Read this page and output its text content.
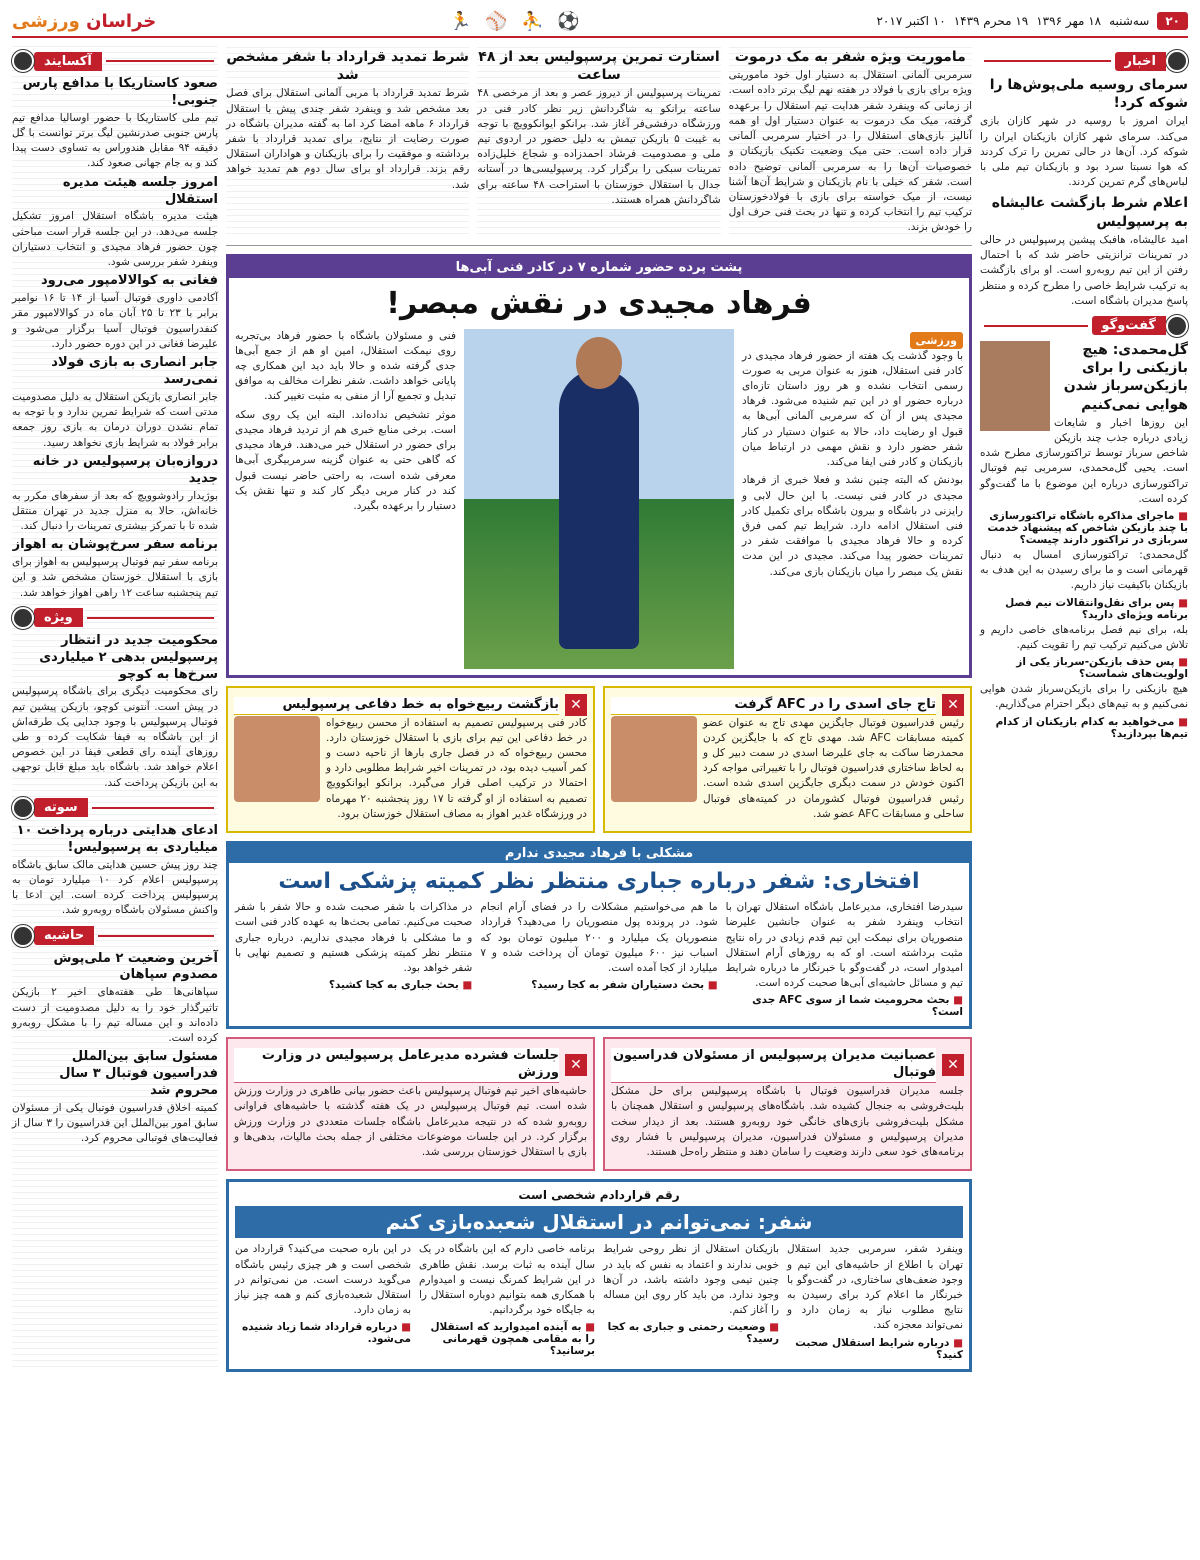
۲۰
سه‌شنبه
۱۸ مهر ۱۳۹۶
۱۹ محرم ۱۴۳۹
۱۰ اکتبر ۲۰۱۷
⚽ ⛹ ⚾ 🏃
خراسان ورزشی
اخبار
سرمای روسیه ملی‌پوش‌ها را شوکه کرد!

ایران امروز با روسیه در شهر کازان بازی می‌کند. سرمای شهر کازان بازیکنان ایران را شوکه کرد. آن‌ها در حالی تمرین را ترک کردند که هوا نسبتا سرد بود و بازیکنان تیم ملی با لباس‌های گرم تمرین کردند.

اعلام شرط بازگشت عالیشاه به پرسپولیس

امید عالیشاه، هافبک پیشین پرسپولیس در حالی در تمرینات ترانزیتی حاضر شد که با احتمال رفتن از این تیم روبه‌رو است. او برای بازگشت به ترکیب شرایط خاصی را مطرح کرده و منتظر پاسخ مدیران باشگاه است.

گفت‌وگو
گل‌محمدی: هیچ بازیکنی را برای بازیکن‌سرباز شدن هوایی نمی‌کنیم

این روزها اخبار و شایعات زیادی درباره جذب چند بازیکن شاخص سرباز توسط تراکتورسازی مطرح شده است. یحیی گل‌محمدی، سرمربی تیم فوتبال تراکتورسازی درباره این موضوع با ما گفت‌وگو کرده است.

■ ماجرای مذاکره باشگاه تراکتورسازی با چند بازیکن شاخص که پیشنهاد خدمت سربازی در تراکتور دارند چیست؟

گل‌محمدی: تراکتورسازی امسال به دنبال قهرمانی است و ما برای رسیدن به این هدف به بازیکنان باکیفیت نیاز داریم.

■ پس برای نقل‌وانتقالات نیم فصل برنامه ویژه‌ای دارید؟

بله، برای نیم فصل برنامه‌های خاصی داریم و تلاش می‌کنیم ترکیب تیم را تقویت کنیم.

■ پس حذف بازیکن-سرباز یکی از اولویت‌های شماست؟

هیچ بازیکنی را برای بازیکن‌سرباز شدن هوایی نمی‌کنیم و به تیم‌های دیگر احترام می‌گذاریم.

■ می‌خواهید به کدام بازیکنان از کدام تیم‌ها بپردازید؟
ماموریت ویژه شفر به مک درموت

سرمربی آلمانی استقلال به دستیار اول خود ماموریتی ویژه برای بازی با فولاد در هفته نهم لیگ برتر داده است. از زمانی که وینفرد شفر هدایت تیم استقلال را برعهده گرفته، میک مک درموت به عنوان دستیار اول او همه آنالیز بازی‌های استقلال را در اختیار سرمربی آلمانی قرار داده است. حتی میک وضعیت تکنیک بازیکنان و خصوصیات آن‌ها را به سرمربی آلمانی توضیح داده است. شفر که خیلی با نام بازیکنان و شرایط آن‌ها آشنا نیست، از میک خواسته برای بازی با فولادخوزستان ترکیب تیم را انتخاب کرده و تنها در بحث فنی حرف اول را خودش بزند.

استارت تمرین پرسپولیس بعد از ۴۸ ساعت

تمرینات پرسپولیس از دیروز عصر و بعد از مرخصی ۴۸ ساعته برانکو به شاگردانش زیر نظر کادر فنی در ورزشگاه درفشی‌فر آغاز شد. برانکو ایوانکوویچ با توجه به غیبت ۵ بازیکن تیمش به دلیل حضور در اردوی تیم ملی و مصدومیت فرشاد احمدزاده و شجاع خلیل‌زاده تمرینات سبکی را برگزار کرد. پرسپولیسی‌ها در آستانه جدال با استقلال خوزستان با استراحت ۴۸ ساعته برای شاگردانش همراه هستند.

شرط تمدید قرارداد با شفر مشخص شد

شرط تمدید قرارداد با مربی آلمانی استقلال برای فصل بعد مشخص شد و وینفرد شفر چندی پیش با استقلال قرارداد ۶ ماهه امضا کرد اما به گفته مدیران باشگاه در صورت رضایت از نتایج، برای تمدید قرارداد با شفر برداشته‌ و موفقیت را برای بازیکنان و هواداران استقلال رقم بزند. قرارداد او برای سال دوم هم تمدید خواهد شد.

پشت پرده حضور شماره ۷ در کادر فنی آبی‌ها
فرهاد مجیدی در نقش مبصر!
ورزشی

با وجود گذشت یک هفته از حضور فرهاد مجیدی در کادر فنی استقلال، هنوز به عنوان مربی به صورت رسمی انتخاب نشده و هر روز داستان تازه‌ای درباره حضور او در این تیم شنیده می‌شود. فرهاد مجیدی پس از آن که سرمربی آلمانی آبی‌ها به قبول او رضایت داد، حالا به عنوان دستیار در کنار شفر حضور دارد و نقش مهمی در ارتباط میان بازیکنان و کادر فنی ایفا می‌کند.

بودنش که البته چنین نشد و فعلا خبری از فرهاد مجیدی در کادر فنی نیست. با این حال لابی و رایزنی در باشگاه و بیرون باشگاه برای تکمیل کادر فنی استقلال ادامه دارد. شرایط تیم کمی فرق کرده و حالا فرهاد مجیدی با موافقت شفر در تمرینات حضور پیدا می‌کند. مجیدی در این مدت نقش یک مبصر را میان بازیکنان بازی می‌کند.

فنی و مسئولان باشگاه با حضور فرهاد بی‌تجربه روی نیمکت استقلال، امین او هم از جمع آبی‌ها جدی گرفته شده و حالا باید دید این همکاری چه پایانی خواهد داشت. شفر نظرات مخالف به موافق تبدیل و تجمیع آرا از منفی به مثبت تغییر کند.

موثر تشخیص نداده‌اند. البته این یک روی سکه است. برخی منابع خبری هم از تردید فرهاد مجیدی برای حضور در استقلال خبر می‌دهند. فرهاد مجیدی که گاهی حتی به عنوان گزینه سرمربیگری آبی‌ها معرفی شده است، به راحتی حاضر نیست قبول کند در کنار مربی دیگر کار کند و تنها نقش یک دستیار را برعهده بگیرد.

✕
تاج جای اسدی را در AFC گرفت

رئیس فدراسیون فوتبال جایگزین مهدی تاج به عنوان عضو کمیته مسابقات AFC شد. مهدی تاج که با جایگزین کردن محمدرضا ساکت به جای علیرضا اسدی در سمت دبیر کل و به لحاظ ساختاری فدراسیون فوتبال را با تغییراتی مواجه کرد اکنون خودش در سمت دیگری جایگزین اسدی شده است. رئیس فدراسیون فوتبال کشورمان در کمیته‌های فوتبال ساحلی و مسابقات AFC عضو شد.

✕
بازگشت ربیع‌خواه به خط دفاعی پرسپولیس

کادر فنی پرسپولیس تصمیم به استفاده از محسن ربیع‌خواه در خط دفاعی این تیم برای بازی با استقلال خوزستان دارد. محسن ربیع‌خواه که در فصل جاری بارها از ناحیه دست و کمر آسیب دیده بود، در تمرینات اخیر شرایط مطلوبی دارد و احتمالا در ترکیب اصلی قرار می‌گیرد. برانکو ایوانکوویچ تصمیم به استفاده از او گرفته تا ۱۷ روز پنجشنبه ۲۰ مهرماه در ورزشگاه غدیر اهواز به مصاف استقلال خوزستان برود.

مشکلی با فرهاد مجیدی ندارم
افتخاری: شفر درباره جباری منتظر نظر کمیته پزشکی است

سیدرضا افتخاری، مدیرعامل باشگاه استقلال تهران با انتخاب وینفرد شفر به عنوان جانشین علیرضا منصوریان برای نیمکت این تیم قدم زیادی در راه نتایج مثبت برداشته است. او که به روزهای آرام استقلال امیدوار است، در گفت‌وگو با خبرنگار ما درباره شرایط تیم و مسائل حاشیه‌ای آبی‌ها صحبت کرده است.

■ بحث محرومیت شما از سوی AFC جدی است؟

ما هم می‌خواستیم مشکلات را در فضای آرام انجام شود. در پرونده پول منصوریان را می‌دهید؟ قرارداد منصوریان یک میلیارد و ۲۰۰ میلیون تومان بود که اسباب نیز ۶۰۰ میلیون تومان آن پرداخت شده و ۷ میلیارد از کجا آمده است.

■ بحث دستیاران شفر به کجا رسید؟

در مذاکرات با شفر صحبت شده و حالا شفر با شفر صحبت می‌کنیم. تمامی بحث‌ها به عهده کادر فنی است و ما مشکلی با فرهاد مجیدی نداریم. درباره جباری منتظر نظر کمیته پزشکی هستیم و تصمیم نهایی با شفر خواهد بود.

■ بحث جباری به کجا کشید؟
✕
عصبانیت مدیران پرسپولیس از مسئولان فدراسیون فوتبال

جلسه مدیران فدراسیون فوتبال با باشگاه پرسپولیس برای حل مشکل بلیت‌فروشی به جنجال کشیده شد. باشگاه‌های پرسپولیس و استقلال همچنان با مشکل بلیت‌فروشی بازی‌های خانگی خود روبه‌رو هستند. بعد از دیدار سخت مدیران پرسپولیس و مسئولان فدراسیون، مدیران پرسپولیس با فشار روی برنامه‌های خود سعی دارند وضعیت را سامان دهند و منتظر راه‌حل هستند.

✕
جلسات فشرده مدیرعامل پرسپولیس در وزارت ورزش

حاشیه‌های اخیر تیم فوتبال پرسپولیس باعث حضور بیانی طاهری در وزارت ورزش شده است. تیم فوتبال پرسپولیس در یک هفته گذشته با حاشیه‌های فراوانی روبه‌رو شده که در نتیجه مدیرعامل باشگاه جلسات متعددی در وزارت ورزش برگزار کرد. در این جلسات موضوعات مختلفی از جمله بحث مالیات، بدهی‌ها و بازی با استقلال خوزستان بررسی شد.

رقم قراردادم شخصی است
شفر: نمی‌توانم در استقلال شعبده‌بازی کنم

وینفرد شفر، سرمربی جدید استقلال تهران با اطلاع از حاشیه‌های این تیم و وجود ضعف‌های ساختاری، در گفت‌وگو با خبرنگار ما اعلام کرد برای رسیدن به نتایج مطلوب نیاز به زمان دارد و نمی‌تواند معجزه کند.

■ درباره شرایط استقلال صحبت کنید؟

بازیکنان استقلال از نظر روحی شرایط خوبی ندارند و اعتماد به نفس که باید در چنین تیمی وجود داشته باشد، در آن‌ها وجود ندارد. من باید کار روی این مساله را آغاز کنم.

■ وضعیت رحمتی و جباری به کجا رسید؟

برنامه خاصی دارم که این باشگاه در یک سال آینده به ثبات برسد. نقش طاهری در این شرایط کمرنگ نیست و امیدوارم با همکاری همه بتوانیم دوباره استقلال را به جایگاه خود برگردانیم.

■ به آینده امیدوارید که استقلال را به مقامی همچون قهرمانی برسانید؟

در این باره صحبت می‌کنید؟ قرارداد من شخصی است و هر چیزی رئیس باشگاه می‌گوید درست است. من نمی‌توانم در استقلال شعبده‌بازی کنم و همه چیز نیاز به زمان دارد.

■ درباره قرارداد شما زیاد شنیده می‌شود.
آکسایند
صعود کاستاریکا با مدافع پارس جنوبی!

تیم ملی کاستاریکا با حضور اوسالیا مدافع تیم پارس جنوبی صدرنشین لیگ برتر توانست با گل دقیقه ۹۴ مقابل هندوراس به تساوی دست پیدا کند و به جام جهانی صعود کند.

امروز جلسه هیئت مدیره استقلال

هیئت مدیره باشگاه استقلال امروز تشکیل جلسه می‌دهد. در این جلسه قرار است مباحثی چون حضور فرهاد مجیدی و انتخاب دستیاران وینفرد شفر بررسی شود.

فغانی به کوالالامپور می‌رود

آکادمی داوری فوتبال آسیا از ۱۴ تا ۱۶ نوامبر برابر با ۲۳ تا ۲۵ آبان ماه در کوالالامپور مقر کنفدراسیون فوتبال آسیا برگزار می‌شود و علیرضا فغانی در این دوره حضور دارد.

جابر انصاری به بازی فولاد نمی‌رسد

جابر انصاری بازیکن استقلال به دلیل مصدومیت مدتی است که شرایط تمرین ندارد و با توجه به تمام نشدن دوران درمان به بازی روز جمعه برابر فولاد به شرایط بازی نخواهد رسید.

دروازه‌بان پرسپولیس در خانه جدید

بوژیدار رادوشوویچ که بعد از سفرهای مکرر به خانه‌اش، حالا به منزل جدید در تهران منتقل شده تا با تمرکز بیشتری تمرینات را دنبال کند.

برنامه سفر سرخ‌پوشان به اهواز

برنامه سفر تیم فوتبال پرسپولیس به اهواز برای بازی با استقلال خوزستان مشخص شد و این تیم پنجشنبه ساعت ۱۲ راهی اهواز خواهد شد.

ویژه
محکومیت جدید در انتظار پرسپولیس بدهی ۲ میلیاردی سرخ‌ها به کوچو

رای محکومیت دیگری برای باشگاه پرسپولیس در پیش است. آنتونی کوچو، بازیکن پیشین تیم فوتبال پرسپولیس با وجود جدایی یک طرفه‌اش از این باشگاه به فیفا شکایت کرده و طی روزهای آینده رای قطعی فیفا در این خصوص اعلام خواهد شد. باشگاه باید مبلغ قابل توجهی به این بازیکن پرداخت کند.

سوته
ادعای هدایتی درباره پرداخت ۱۰ میلیاردی به پرسپولیس!

چند روز پیش حسین هدایتی مالک سابق باشگاه پرسپولیس اعلام کرد ۱۰ میلیارد تومان به پرسپولیس پرداخت کرده است. این ادعا با واکنش مسئولان باشگاه روبه‌رو شد.

حاشیه
آخرین وضعیت ۲ ملی‌پوش مصدوم سپاهان

سپاهانی‌ها طی هفته‌های اخیر ۲ بازیکن تاثیرگذار خود را به دلیل مصدومیت از دست داده‌اند و این مساله تیم را با مشکل روبه‌رو کرده است.

مسئول سابق بین‌الملل فدراسیون فوتبال ۳ سال محروم شد

کمیته اخلاق فدراسیون فوتبال یکی از مسئولان سابق امور بین‌الملل این فدراسیون را ۳ سال از فعالیت‌های فوتبالی محروم کرد.
